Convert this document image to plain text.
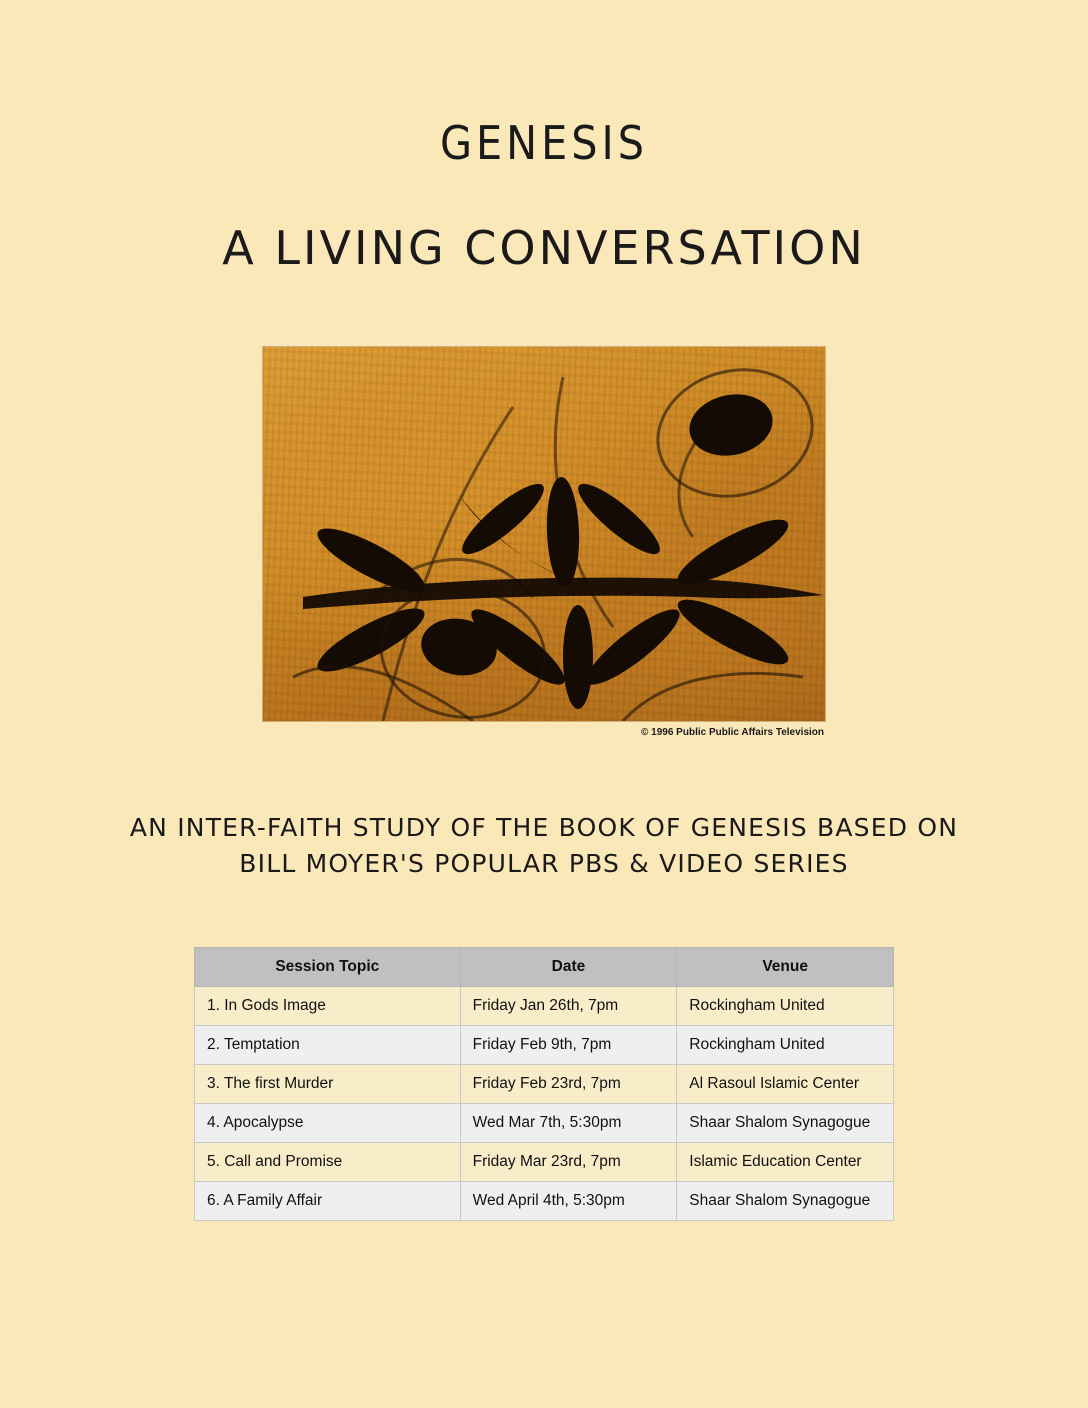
GENESIS
A LIVING CONVERSATION
© 1996 Public Public Affairs Television
AN INTER-FAITH STUDY OF THE BOOK OF GENESIS BASED ON
BILL MOYER'S POPULAR PBS & VIDEO SERIES
Session Topic	Date	Venue
1. In Gods Image	Friday Jan 26th, 7pm	Rockingham United
2. Temptation	Friday Feb 9th, 7pm	Rockingham United
3. The first Murder	Friday Feb 23rd, 7pm	Al Rasoul Islamic Center
4. Apocalypse	Wed Mar 7th, 5:30pm	Shaar Shalom Synagogue
5. Call and Promise	Friday Mar 23rd, 7pm	Islamic Education Center
6. A Family Affair	Wed April 4th, 5:30pm	Shaar Shalom Synagogue
